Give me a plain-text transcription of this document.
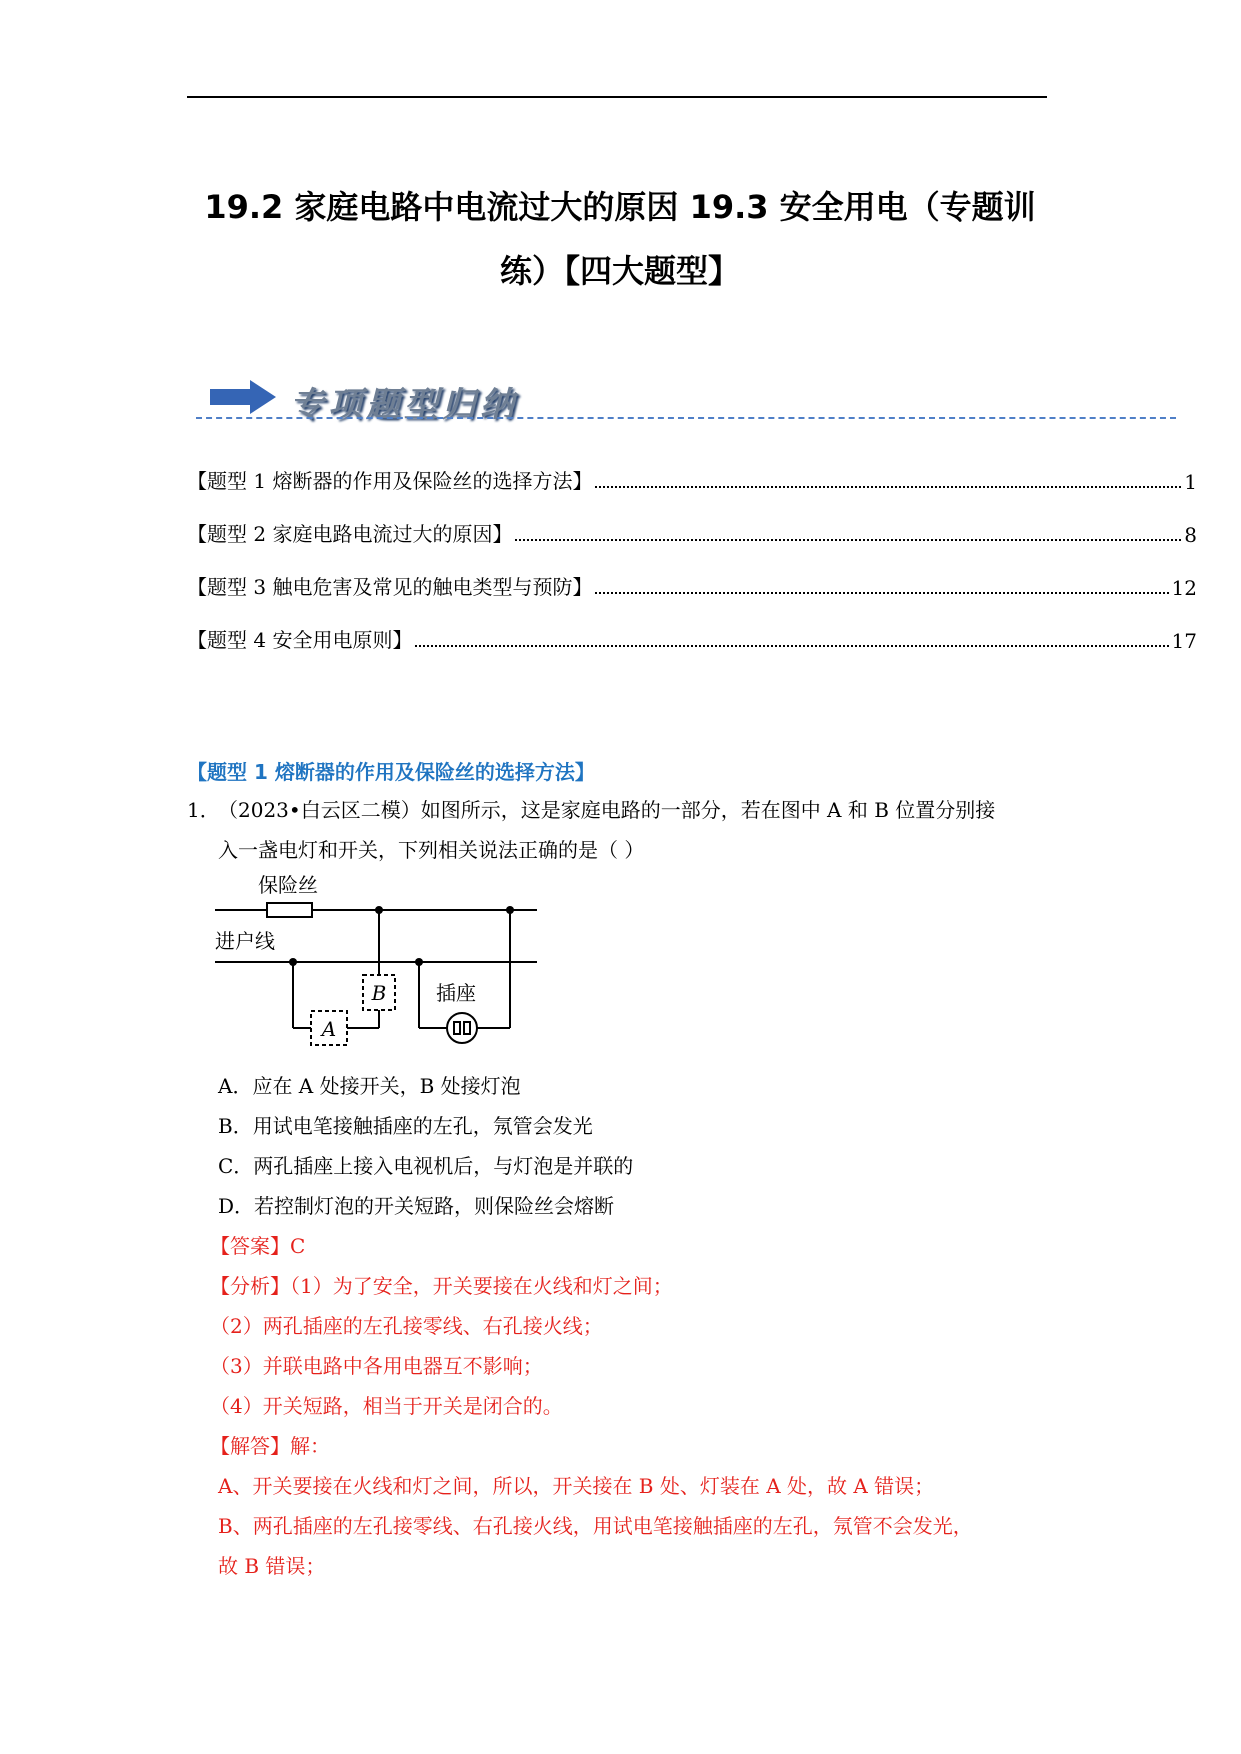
19.2 家庭电路中电流过大的原因 19.3 安全用电（专题训
练）【四大题型】
专项题型归纳
【题型 1 熔断器的作用及保险丝的选择方法】	1
【题型 2 家庭电路电流过大的原因】	8
【题型 3 触电危害及常见的触电类型与预防】	12
【题型 4 安全用电原则】	17
【题型 1 熔断器的作用及保险丝的选择方法】
1．
（2023•白云区二模）如图所示，这是家庭电路的一部分，若在图中 A 和 B 位置分别接
入一盏电灯和开关，下列相关说法正确的是（ ）
保险丝
进户线
插座
B
A
A．应在 A 处接开关，B 处接灯泡
B．用试电笔接触插座的左孔，氖管会发光
C．两孔插座上接入电视机后，与灯泡是并联的
D．若控制灯泡的开关短路，则保险丝会熔断
【答案】C
【分析】（1）为了安全，开关要接在火线和灯之间；
（2）两孔插座的左孔接零线、右孔接火线；
（3）并联电路中各用电器互不影响；
（4）开关短路，相当于开关是闭合的。
【解答】解：
A、开关要接在火线和灯之间，所以，开关接在 B 处、灯装在 A 处，故 A 错误；
B、两孔插座的左孔接零线、右孔接火线，用试电笔接触插座的左孔，氖管不会发光，
故 B 错误；
